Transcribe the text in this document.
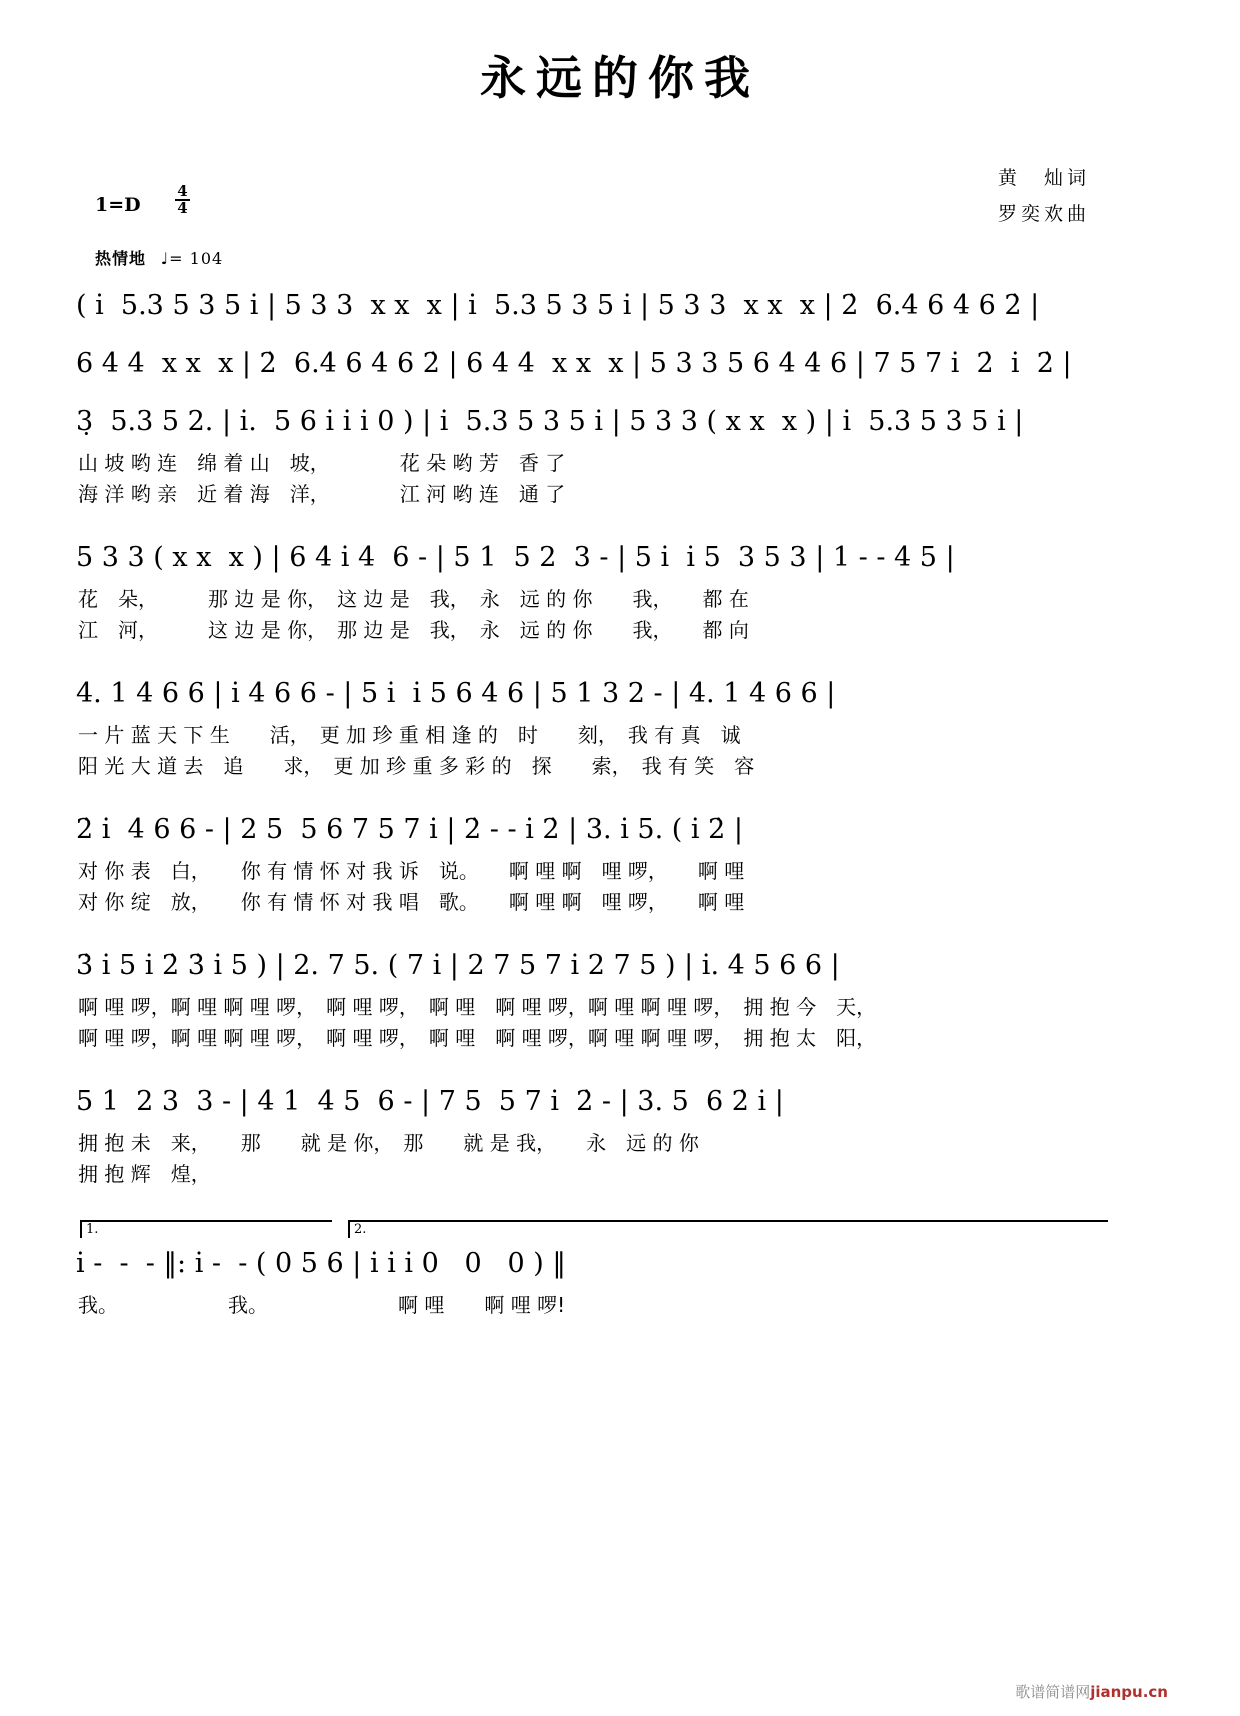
永远的你我
黄　灿词
罗奕欢曲
$1=D \frac{4}{4}$
热情地 ♩= 104
( i̇  5.3 5 3 5 i̇ | 5 3 3  x x  x | i̇  5.3 5 3 5 i̇ | 5 3 3  x x  x | 2̇  6.4 6 4 6 2̇ |
6 4 4  x x  x | 2̇  6.4 6 4 6 2̇ | 6 4 4  x x  x | 5 3 3 5 6 4 4 6 | 7 5 7 i̇  2̇  i̇  2̇ |
3̣  5.3 5 2. | i̇.  5 6 i̇ i̇ i̇ 0 ) | i̇  5.3 5 3 5 i̇ | 5 3 3 ( x x  x ) | i̇  5.3 5 3 5 i̇ |
山 坡 哟 连　绵 着 山　坡，　　　　花 朵 哟 芳　香 了
海 洋 哟 亲　近 着 海　洋，　　　　江 河 哟 连　通 了
5 3 3 ( x x  x ) | 6 4 i̇ 4  6 - | 5 1  5 2  3 - | 5 i̇  i̇ 5  3 5 3 | 1 - - 4 5 |
花　朵，　　　那 边 是 你，　这 边 是　我，　永　远 的 你　　我，　　都 在
江　河，　　　这 边 是 你，　那 边 是　我，　永　远 的 你　　我，　　都 向
4. 1 4 6 6 | i̇ 4 6 6 - | 5 i̇  i̇ 5 6 4 6 | 5 1 3 2 - | 4. 1 4 6 6 |
一 片 蓝 天 下 生　　活，　更 加 珍 重 相 逢 的　时　　刻，　我 有 真　诚
阳 光 大 道 去　追　　求，　更 加 珍 重 多 彩 的　探　　索，　我 有 笑　容
2̇ i̇  4 6 6 - | 2 5  5 6 7 5 7 i̇ | 2̇ - - i̇ 2̇ | 3. i̇ 5. ( i̇ 2̇ |
对 你 表　白，　　你 有 情 怀 对 我 诉　说。　　啊 哩 啊　哩 啰，　　啊 哩
对 你 绽　放，　　你 有 情 怀 对 我 唱　歌。　　啊 哩 啊　哩 啰，　　啊 哩
3̇ i̇ 5 i̇ 2̇ 3̇ i̇ 5 ) | 2. 7 5. ( 7 i̇ | 2 7 5 7 i̇ 2 7 5 ) | i̇. 4 5 6 6 |
啊 哩 啰，啊 哩 啊 哩 啰，　啊 哩 啰，　啊 哩　啊 哩 啰，啊 哩 啊 哩 啰，　拥 抱 今　天，
啊 哩 啰，啊 哩 啊 哩 啰，　啊 哩 啰，　啊 哩　啊 哩 啰，啊 哩 啊 哩 啰，　拥 抱 太　阳，
5 1  2 3  3 - | 4 1  4 5  6 - | 7 5  5 7 i̇  2̇ - | 3. 5  6 2̇ i̇ |
拥 抱 未　来，　　那　　就 是 你，　那　　就 是 我，　　永　远 的 你
拥 抱 辉　煌，
1.	2.
i̇ -  -  - ‖: i̇ -  - ( 0 5 6 | i̇ i̇ i̇ 0   0   0 ) ‖
我。　　　　　　	我。　　　　　　　啊 哩　　啊 哩 啰!
歌谱简谱网jianpu.cn
